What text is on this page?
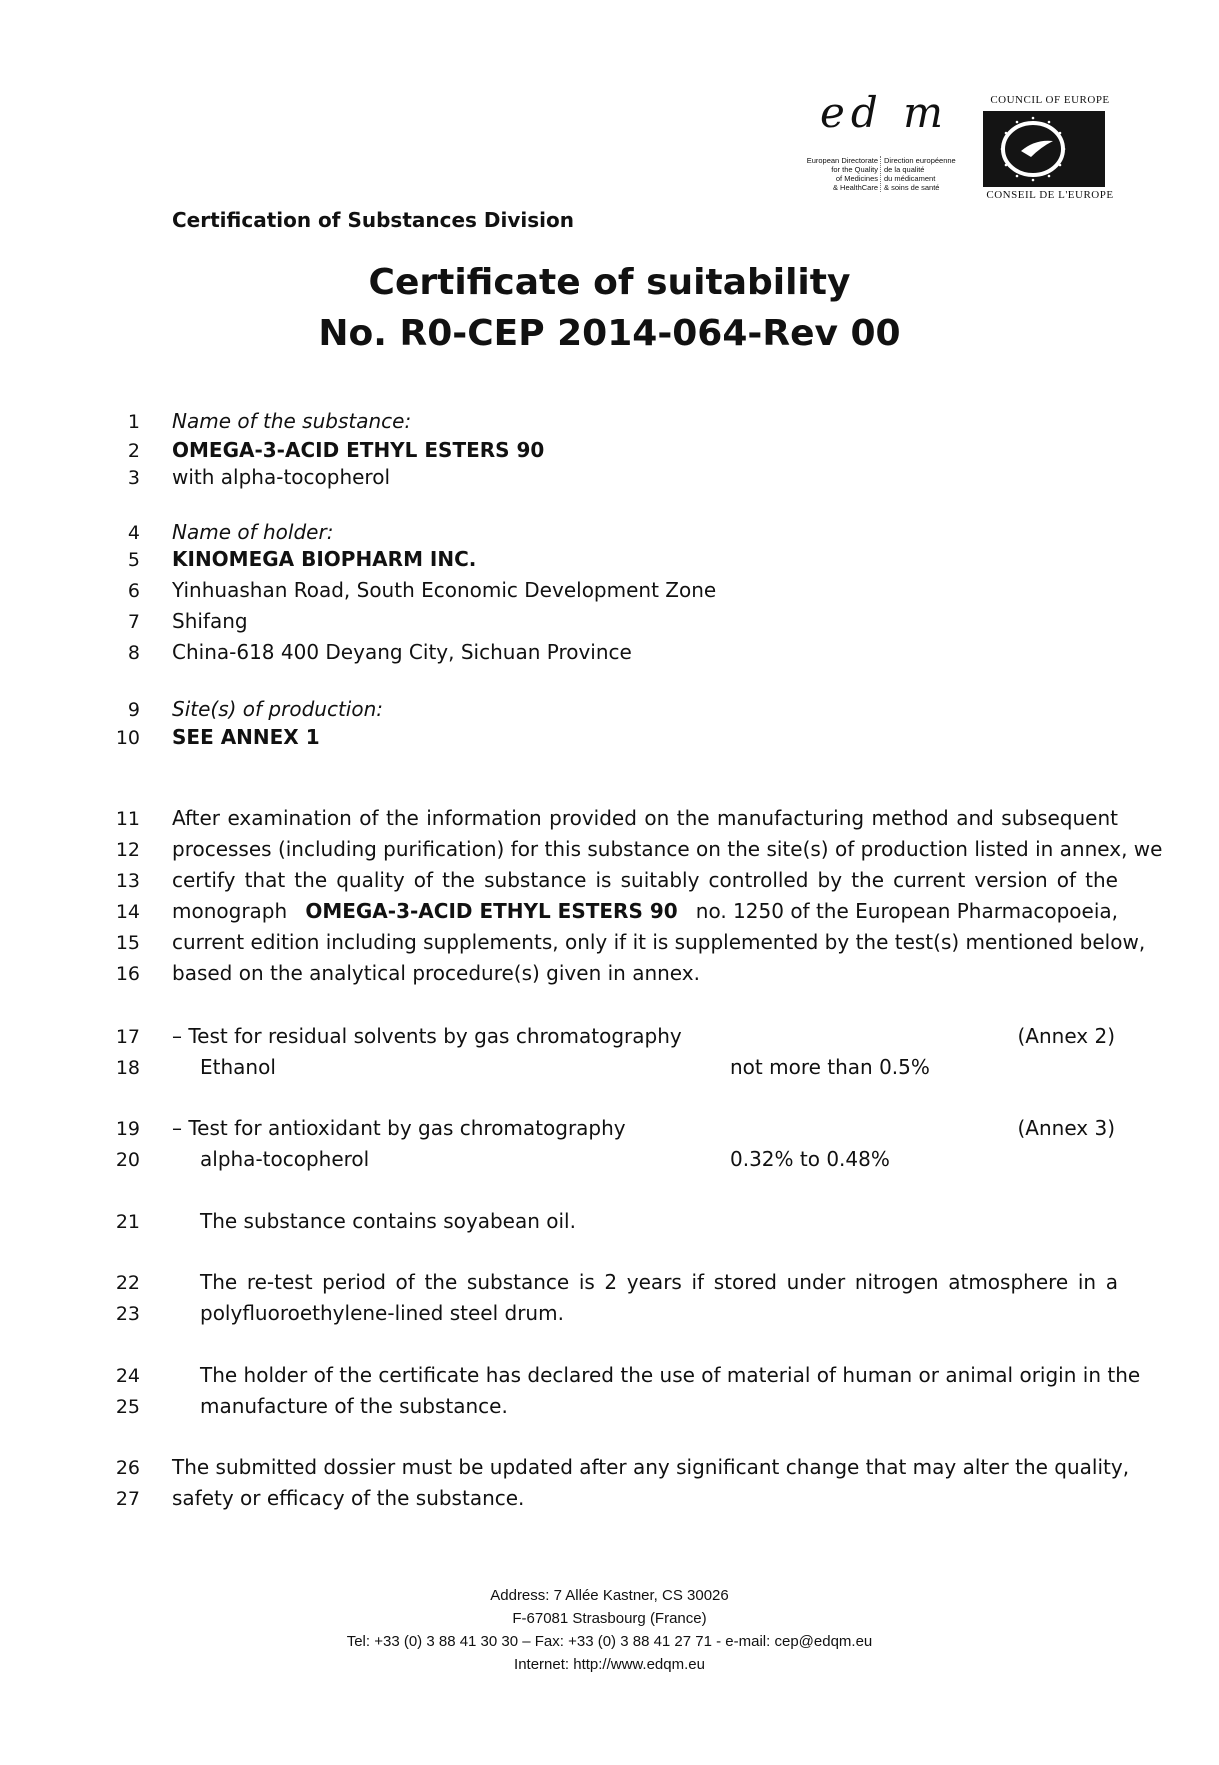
ed m
European Directorate
for the Quality
of Medicines
& HealthCare
Direction européenne
de la qualité
du médicament
& soins de santé
COUNCIL OF EUROPE
CONSEIL DE L'EUROPE
Certification of Substances Division
Certificate of suitability
No. R0-CEP 2014-064-Rev 00
1
2
3
4
5
6
7
8
9
10
11
12
13
14
15
16
17
18
19
20
21
22
23
24
25
26
27
Name of the substance:
OMEGA-3-ACID ETHYL ESTERS 90
with alpha-tocopherol
Name of holder:
KINOMEGA BIOPHARM INC.
Yinhuashan Road, South Economic Development Zone
Shifang
China-618 400 Deyang City, Sichuan Province
Site(s) of production:
SEE ANNEX 1
After examination of the information provided on the manufacturing method and subsequent
processes (including purification) for this substance on the site(s) of production listed in annex, we
certify that the quality of the substance is suitably controlled by the current version of the
monograph OMEGA-3-ACID ETHYL ESTERS 90 no. 1250 of the European Pharmacopoeia,
current edition including supplements, only if it is supplemented by the test(s) mentioned below,
based on the analytical procedure(s) given in annex.
– Test for residual solvents by gas chromatography	(Annex 2)
Ethanol	not more than 0.5%
– Test for antioxidant by gas chromatography	(Annex 3)
alpha-tocopherol	0.32% to 0.48%
The substance contains soyabean oil.
The re-test period of the substance is 2 years if stored under nitrogen atmosphere in a
polyfluoroethylene-lined steel drum.
The holder of the certificate has declared the use of material of human or animal origin in the
manufacture of the substance.
The submitted dossier must be updated after any significant change that may alter the quality,
safety or efficacy of the substance.
Address: 7 Allée Kastner, CS 30026
F-67081 Strasbourg (France)
Tel: +33 (0) 3 88 41 30 30 – Fax: +33 (0) 3 88 41 27 71 - e-mail: cep@edqm.eu
Internet: http://www.edqm.eu
